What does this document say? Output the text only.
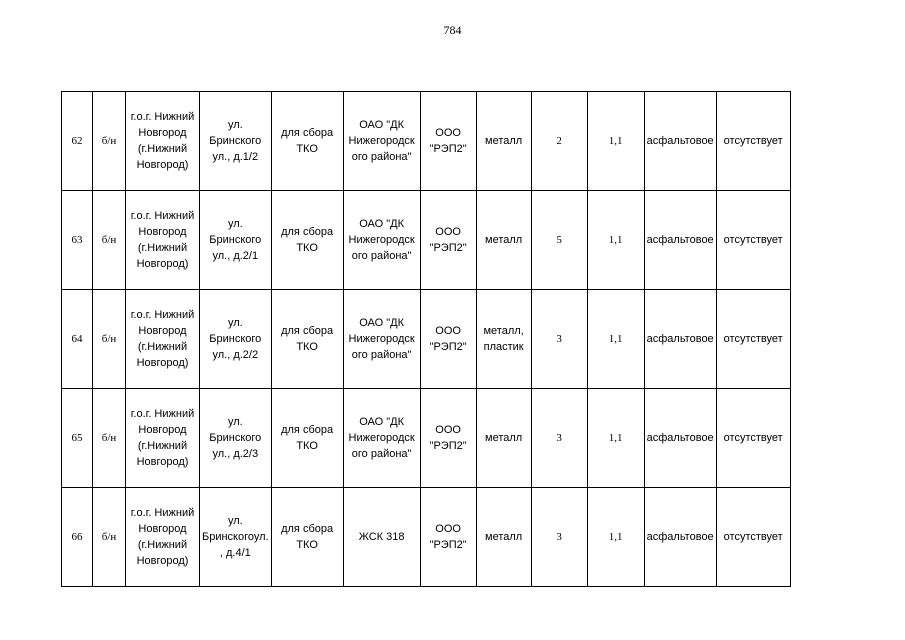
784
62	б/н	г.о.г. Нижний
Новгород
(г.Нижний
Новгород)	ул.
Бринского
ул., д.1/2	для сбора
ТКО	ОАО "ДК
Нижегородск
ого района"	ООО
"РЭП2"	металл	2	1,1	асфальтовое	отсутствует
63	б/н	г.о.г. Нижний
Новгород
(г.Нижний
Новгород)	ул.
Бринского
ул., д.2/1	для сбора
ТКО	ОАО "ДК
Нижегородск
ого района"	ООО
"РЭП2"	металл	5	1,1	асфальтовое	отсутствует
64	б/н	г.о.г. Нижний
Новгород
(г.Нижний
Новгород)	ул.
Бринского
ул., д.2/2	для сбора
ТКО	ОАО "ДК
Нижегородск
ого района"	ООО
"РЭП2"	металл,
пластик	3	1,1	асфальтовое	отсутствует
65	б/н	г.о.г. Нижний
Новгород
(г.Нижний
Новгород)	ул.
Бринского
ул., д.2/3	для сбора
ТКО	ОАО "ДК
Нижегородск
ого района"	ООО
"РЭП2"	металл	3	1,1	асфальтовое	отсутствует
66	б/н	г.о.г. Нижний
Новгород
(г.Нижний
Новгород)	ул.
Бринскогоул.
, д.4/1	для сбора
ТКО	ЖСК 318	ООО
"РЭП2"	металл	3	1,1	асфальтовое	отсутствует
